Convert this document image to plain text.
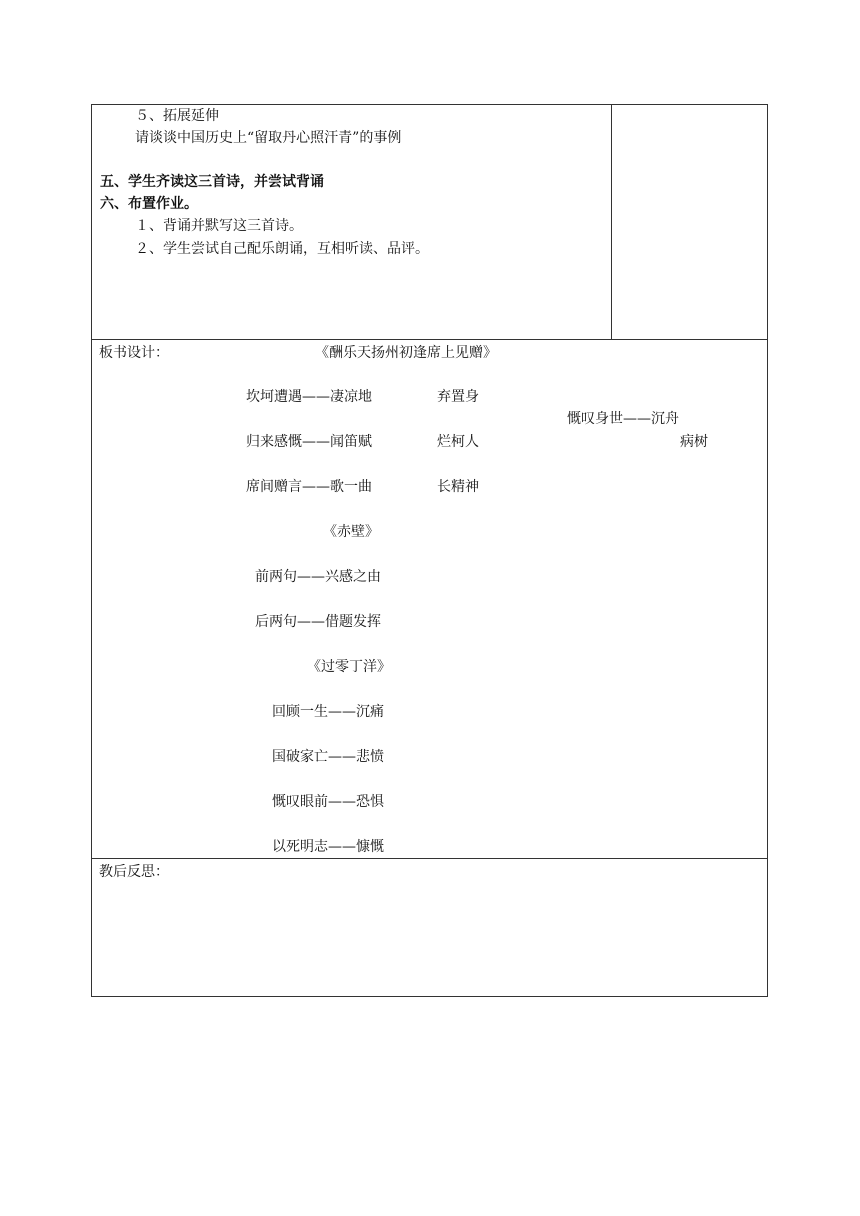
５、拓展延伸
请谈谈中国历史上“留取丹心照汗青”的事例
五、学生齐读这三首诗，并尝试背诵
六、布置作业。
１、背诵并默写这三首诗。
２、学生尝试自己配乐朗诵，互相听读、品评。
板书设计：	《酬乐天扬州初逢席上见赠》
坎坷遭遇——凄凉地	弃置身
慨叹身世——沉舟
归来感慨——闻笛赋	烂柯人	病树
席间赠言——歌一曲	长精神
《赤壁》
前两句——兴感之由
后两句——借题发挥
《过零丁洋》
回顾一生——沉痛
国破家亡——悲愤
慨叹眼前——恐惧
以死明志——慷慨
教后反思：
